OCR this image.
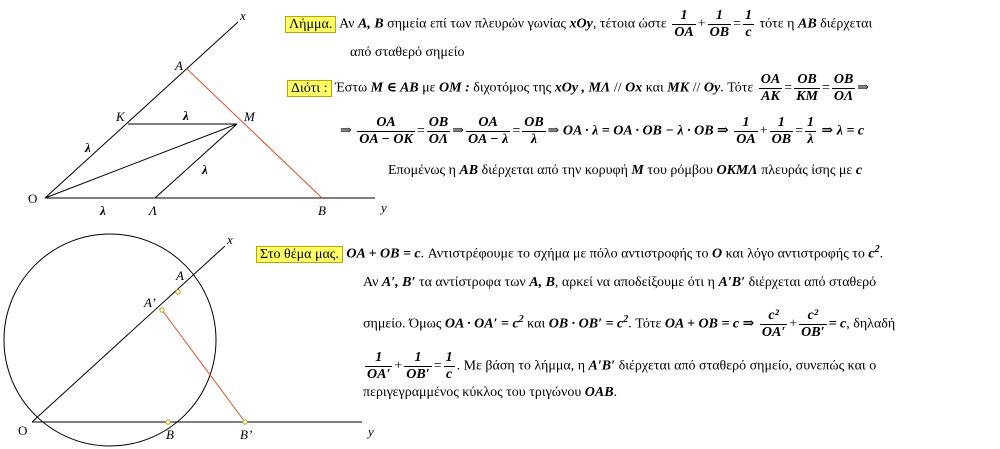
x
A
K	M
λ
λ
λ
λ
O
Λ	B	y
x
A
A’
O	B	B’	y
Λήμμα. Αν A, B σημεία επί των πλευρών γωνίας xOy, τέτοια ώστε $\frac{1}{OA} + \frac{1}{OB} = \frac{1}{c}$ τότε η AB διέρχεται
από σταθερό σημείο
Διότι : Έστω M ∈ AB με OM : διχοτόμος της xOy , MΛ // Ox και MK // Oy. Τότε $\frac{OA}{AK} = \frac{OB}{KM} = \frac{OB}{O\Lambda}$ ⇒
⇒ $\frac{OA}{OA - OK} = \frac{OB}{O\Lambda}$ ⇒ $\frac{OA}{OA - \lambda} = \frac{OB}{\lambda}$ ⇒ OA · λ = OA · OB − λ · OB ⇒ $\frac{1}{OA} + \frac{1}{OB} = \frac{1}{\lambda}$ ⇒ λ = c
Επομένως η AB διέρχεται από την κορυφή M του ρόμβου OKMΛ πλευράς ίσης με c
Στο θέμα μας. OA + OB = c. Αντιστρέφουμε το σχήμα με πόλο αντιστροφής το O και λόγο αντιστροφής το $c^2$.
Αν A′, B′ τα αντίστροφα των A, B, αρκεί να αποδείξουμε ότι η A′B′ διέρχεται από σταθερό
σημείο. Όμως OA · $OA' = c^2$ και OB · $OB' = c^2$. Τότε OA + OB = c ⇒ $\frac{\text{c²}}{OA'} + \frac{\text{c²}}{OB'} = c$, δηλαδή
$\frac{1}{OA'} + \frac{1}{OB'} = \frac{1}{c}$ . Με βάση το λήμμα, η A′B′ διέρχεται από σταθερό σημείο, συνεπώς και ο
περιγεγραμμένος κύκλος του τριγώνου OAB.
